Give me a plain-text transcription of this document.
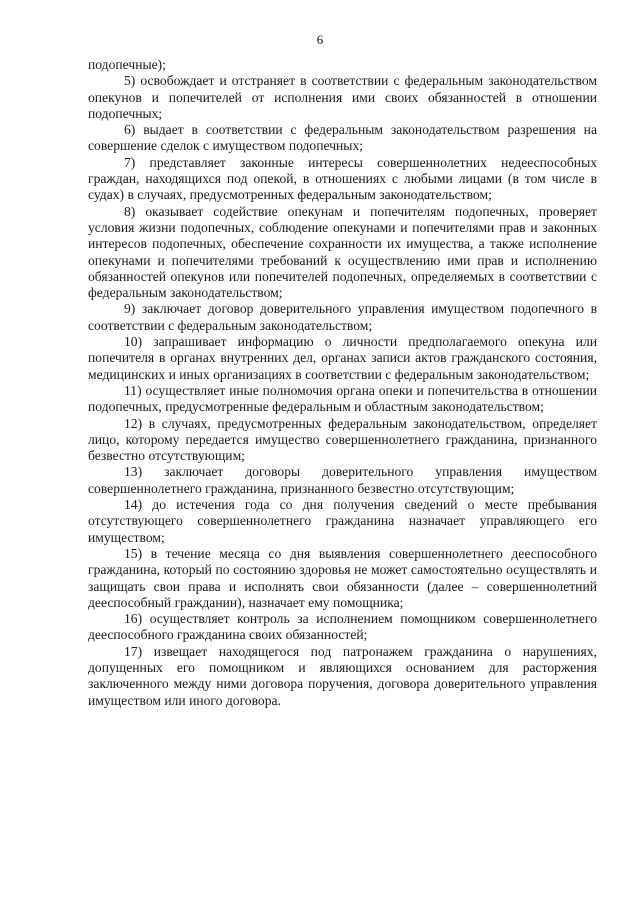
6

подопечные);

5) освобождает и отстраняет в соответствии с федеральным законодательством опекунов и попечителей от исполнения ими своих обязанностей в отношении подопечных;

6) выдает в соответствии с федеральным законодательством разрешения на совершение сделок с имуществом подопечных;

7) представляет законные интересы совершеннолетних недееспособных граждан, находящихся под опекой, в отношениях с любыми лицами (в том числе в судах) в случаях, предусмотренных федеральным законодательством;

8) оказывает содействие опекунам и попечителям подопечных, проверяет условия жизни подопечных, соблюдение опекунами и попечителями прав и законных интересов подопечных, обеспечение сохранности их имущества, а также исполнение опекунами и попечителями требований к осуществлению ими прав и исполнению обязанностей опекунов или попечителей подопечных, определяемых в соответствии с федеральным законодательством;

9) заключает договор доверительного управления имуществом подопечного в соответствии с федеральным законодательством;

10) запрашивает информацию о личности предполагаемого опекуна или попечителя в органах внутренних дел, органах записи актов гражданского состояния, медицинских и иных организациях в соответствии с федеральным законодательством;

11) осуществляет иные полномочия органа опеки и попечительства в отношении подопечных, предусмотренные федеральным и областным законодательством;

12) в случаях, предусмотренных федеральным законодательством, определяет лицо, которому передается имущество совершеннолетнего гражданина, признанного безвестно отсутствующим;

13) заключает договоры доверительного управления имуществом совершеннолетнего гражданина, признанного безвестно отсутствующим;

14) до истечения года со дня получения сведений о месте пребывания отсутствующего совершеннолетнего гражданина назначает управляющего его имуществом;

15) в течение месяца со дня выявления совершеннолетнего дееспособного гражданина, который по состоянию здоровья не может самостоятельно осуществлять и защищать свои права и исполнять свои обязанности (далее – совершеннолетний дееспособный гражданин), назначает ему помощника;

16) осуществляет контроль за исполнением помощником совершеннолетнего дееспособного гражданина своих обязанностей;

17) извещает находящегося под патронажем гражданина о нарушениях, допущенных его помощником и являющихся основанием для расторжения заключенного между ними договора поручения, договора доверительного управления имуществом или иного договора.
